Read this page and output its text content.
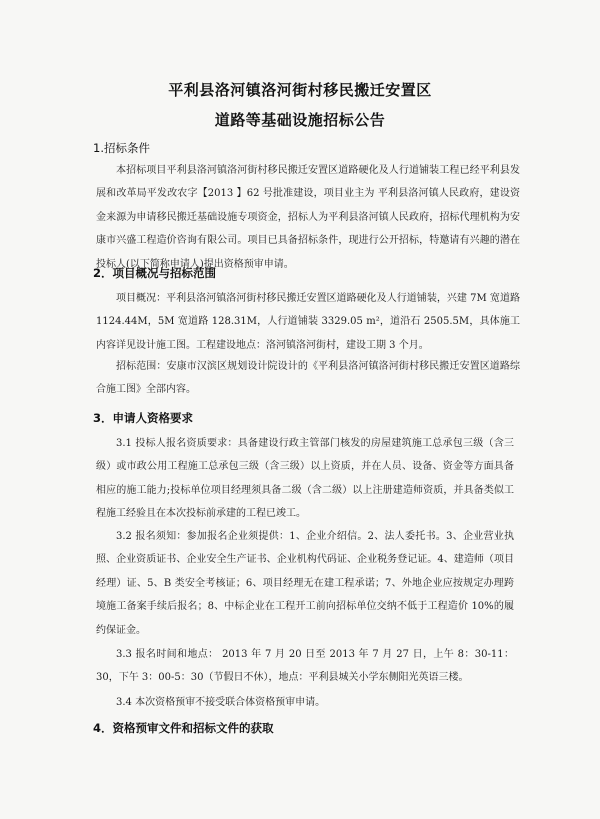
平利县洛河镇洛河街村移民搬迁安置区
道路等基础设施招标公告
1.招标条件
本招标项目平利县洛河镇洛河街村移民搬迁安置区道路硬化及人行道铺装工程已经平利县发展和改革局平发改农字【2013 】62 号批准建设，项目业主为 平利县洛河镇人民政府，建设资金来源为申请移民搬迁基础设施专项资金，招标人为平利县洛河镇人民政府，招标代理机构为安康市兴盛工程造价咨询有限公司。项目已具备招标条件，现进行公开招标，特邀请有兴趣的潜在投标人(以下简称申请人)提出资格预审申请。
2．项目概况与招标范围
项目概况：平利县洛河镇洛河街村移民搬迁安置区道路硬化及人行道铺装，兴建 7M 宽道路 1124.44M，5M 宽道路 128.31M，人行道铺装 3329.05 m²，道沿石 2505.5M，具体施工内容详见设计施工图。工程建设地点：洛河镇洛河街村，建设工期 3 个月。
招标范围：安康市汉滨区规划设计院设计的《平利县洛河镇洛河街村移民搬迁安置区道路综合施工图》全部内容。
3．申请人资格要求
3.1 投标人报名资质要求：具备建设行政主管部门核发的房屋建筑施工总承包三级（含三级）或市政公用工程施工总承包三级（含三级）以上资质，并在人员、设备、资金等方面具备相应的施工能力;投标单位项目经理须具备二级（含二级）以上注册建造师资质，并具备类似工程施工经验且在本次投标前承建的工程已竣工。
3.2 报名须知：参加报名企业须提供：1、企业介绍信。2、法人委托书。3、企业营业执照、企业资质证书、企业安全生产证书、企业机构代码证、企业税务登记证。4、建造师（项目经理）证、5、B 类安全考核证；6、项目经理无在建工程承诺；7、外地企业应按规定办理跨境施工备案手续后报名；8、中标企业在工程开工前向招标单位交纳不低于工程造价 10%的履约保证金。
3.3 报名时间和地点： 2013 年 7 月 20 日至 2013 年 7 月 27 日，上午 8：30-11：30，下午 3：00-5：30（节假日不休），地点：平利县城关小学东侧阳光英语三楼。
3.4 本次资格预审不接受联合体资格预审申请。
4．资格预审文件和招标文件的获取
